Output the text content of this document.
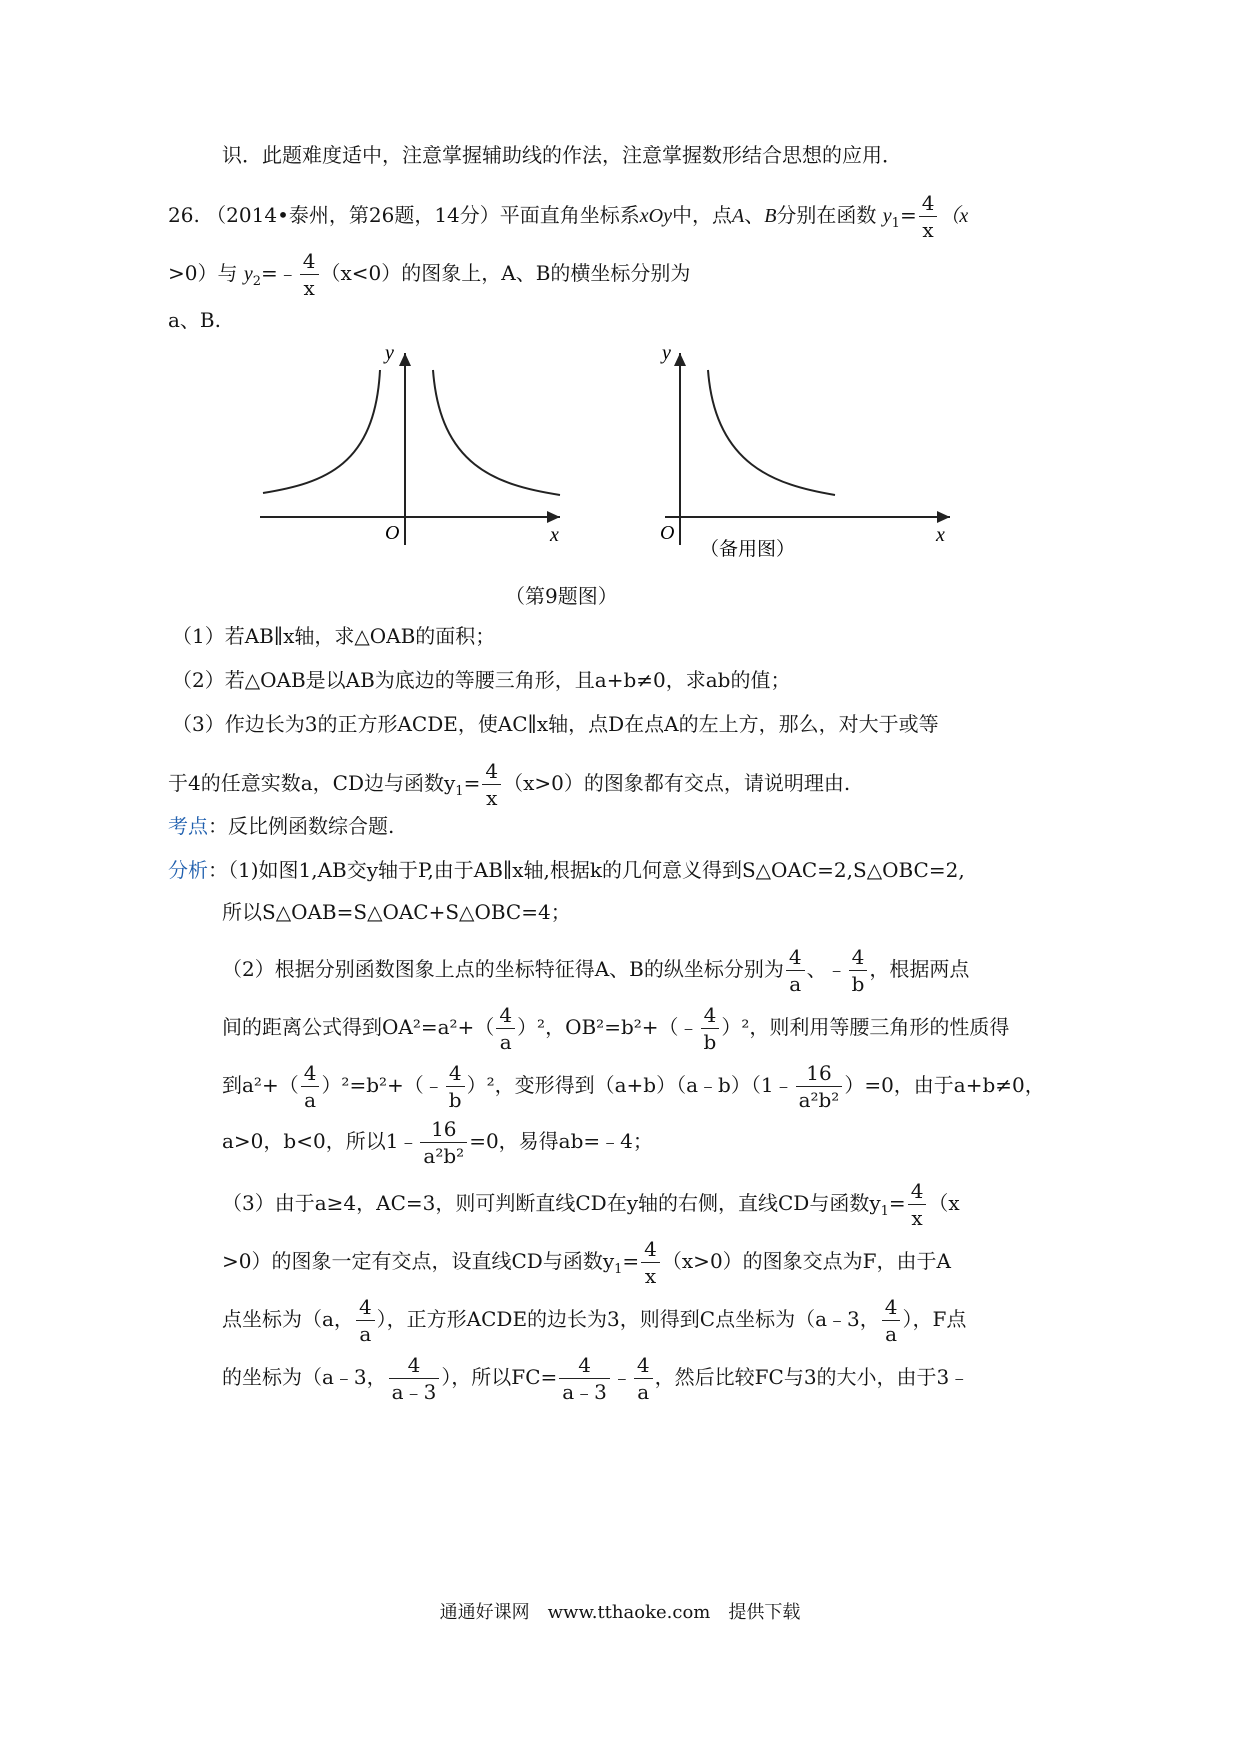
识．此题难度适中，注意掌握辅助线的作法，注意掌握数形结合思想的应用．
26. （2014•泰州，第26题，14分）平面直角坐标系xOy中，点A、B分别在函数 $y_1= \frac{4}{x} (x$
>0）与 $y_2=﹣ \frac{4}{x} (x<0)$的图象上，A、B的横坐标分别为
a、B.
y
x
O
y
x
O
（备用图）
（第9题图）
（1）若AB∥x轴，求△OAB的面积；
（2）若△OAB是以AB为底边的等腰三角形，且a+b≠0，求ab的值；
（3）作边长为3的正方形ACDE，使AC∥x轴，点D在点A的左上方，那么，对大于或等
于4的任意实数a，CD边与函数$y_1= \frac{4}{x} (x>0)$的图象都有交点，请说明理由.
考点：反比例函数综合题.
分析：（1)如图1,AB交y轴于P,由于AB∥x轴,根据k的几何意义得到S△OAC=2,S△OBC=2,
所以S△OAB=S△OAC+S△OBC=4；
（2）根据分别函数图象上点的坐标特征得A、B的纵坐标分别为 $\frac{4}{a}$ 、﹣ $\frac{4}{b}$ ，根据两点
间的距离公式得到$OA^2=a^2+( \frac{4}{a} )^2$，OB²=b²+（﹣ $\frac{4}{b} )^2$，则利用等腰三角形的性质得
到$a^2+( \frac{4}{a}$ ）²=b²+（﹣ $\frac{4}{b} )^2$，变形得到（a+b）（a﹣b）（1﹣ $\frac{16}{\text{a²b²}} )=0$，由于a+b≠0，
a>0，b<0，所以1﹣ $\frac{16}{\text{a²b²}} =0$，易得ab=﹣4；
（3）由于a≥4，AC=3，则可判断直线CD在y轴的右侧，直线CD与函数$y_1= \frac{4}{x} (x$
>0）的图象一定有交点，设直线CD与函数$y_1= \frac{4}{x} (x>0)$的图象交点为F，由于A
点坐标为（a， $\frac{4}{a}$ ），正方形ACDE的边长为3，则得到C点坐标为（a﹣3， $\frac{4}{a}$ ），F点
的坐标为（a﹣3， $\frac{4}{a﹣3}$ ），所以$FC= \frac{4}{a﹣3}$ ﹣ $\frac{4}{a}$ ，然后比较FC与3的大小，由于3﹣
通通好课网　www.tthaoke.com　提供下载
